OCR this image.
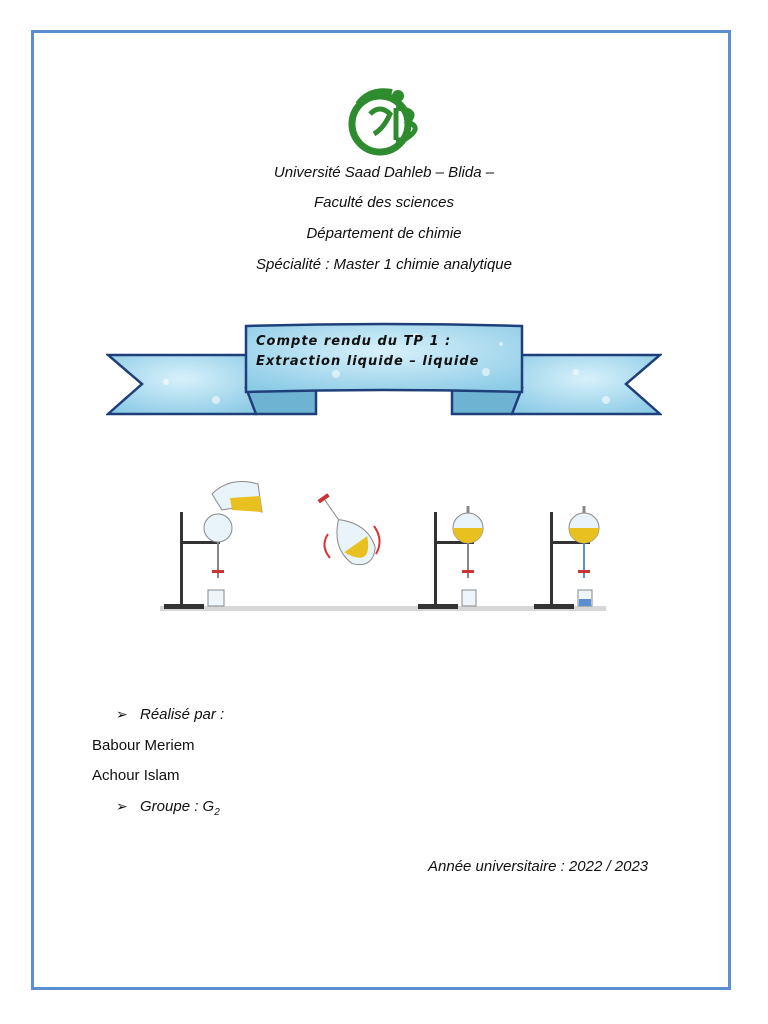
Université Saad Dahleb – Blida –
Faculté des sciences
Département de chimie
Spécialité : Master 1 chimie analytique
Compte rendu du TP 1 :
Extraction liquide – liquide
➢ Réalisé par :
Babour Meriem
Achour Islam
➢ Groupe : $G_2$
Année universitaire : 2022 / 2023
